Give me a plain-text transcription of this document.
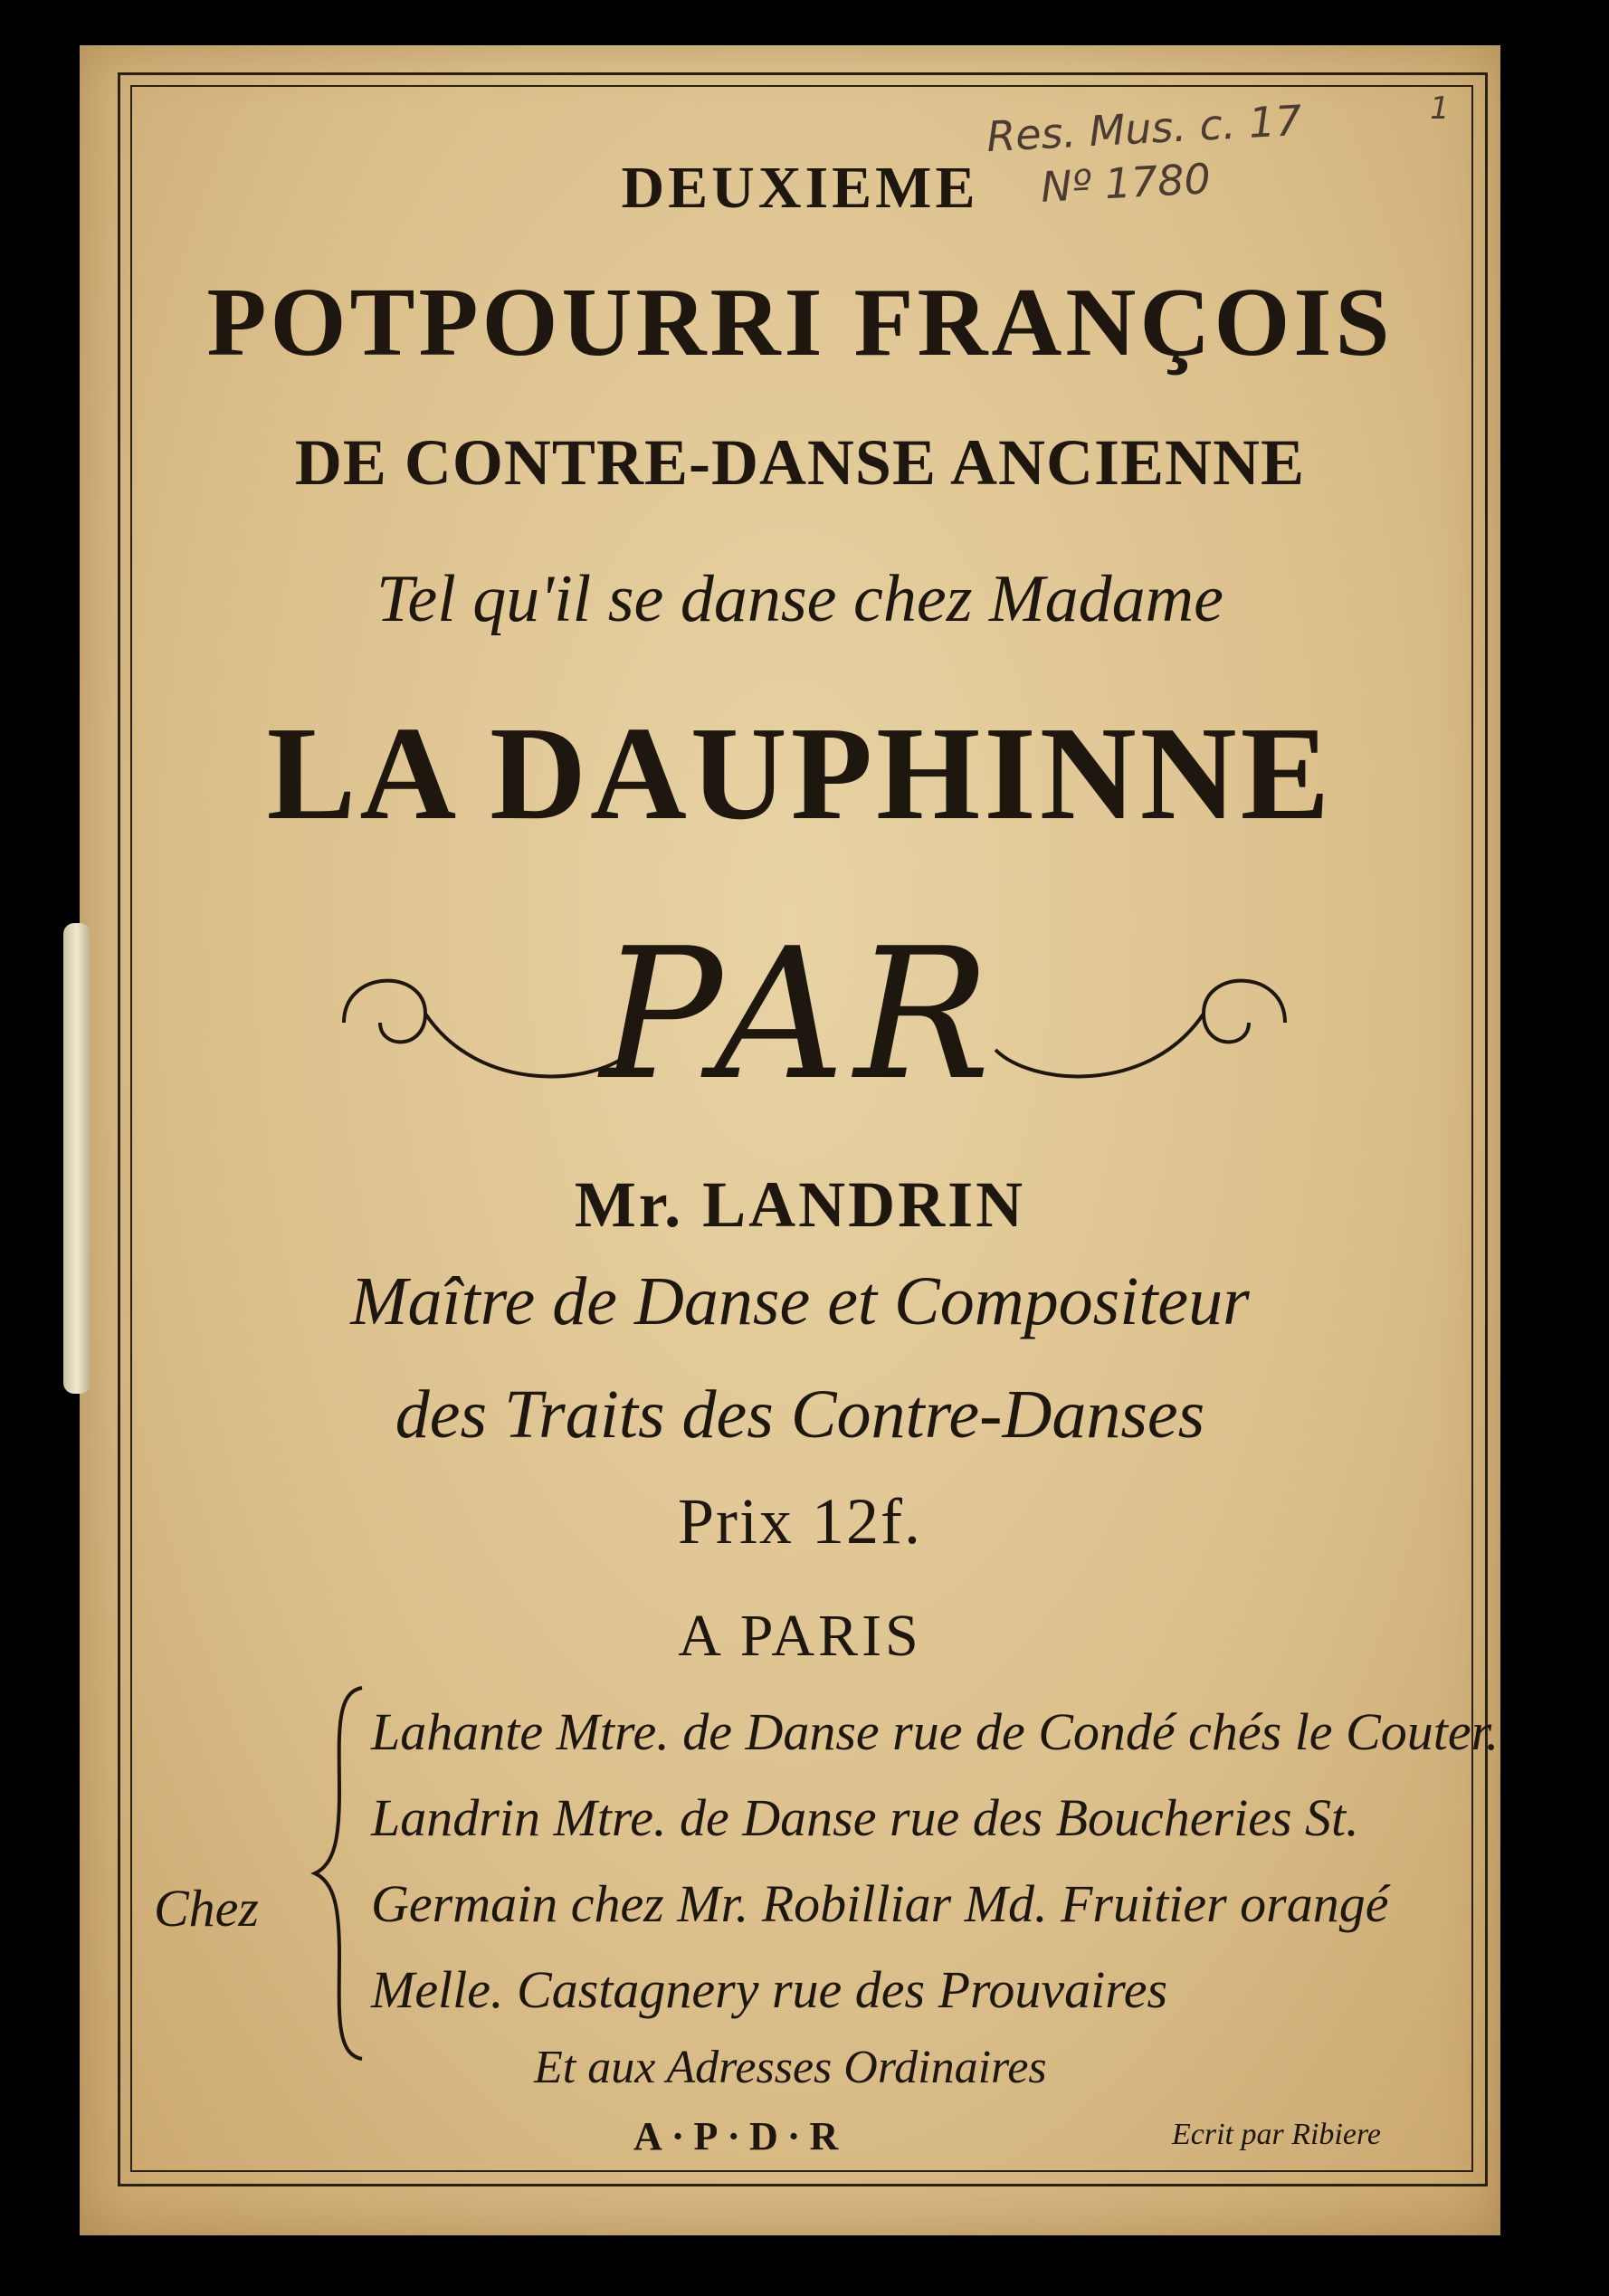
Res. Mus. c. 17
Nº 1780
1
DEUXIEME
POTPOURRI FRANÇOIS
DE CONTRE-DANSE ANCIENNE
Tel qu'il se danse chez Madame
LA DAUPHINNE
PAR
Mr. LANDRIN
Maître de Danse et Compositeur
des Traits des Contre-Danses
Prix 12f.
A PARIS
Chez
Lahante Mtre. de Danse rue de Condé chés le Couter.
Landrin Mtre. de Danse rue des Boucheries St.
Germain chez Mr. Robilliar Md. Fruitier orangé
Melle. Castagnery rue des Prouvaires
Et aux Adresses Ordinaires
A·P·D·R	Ecrit par Ribiere
